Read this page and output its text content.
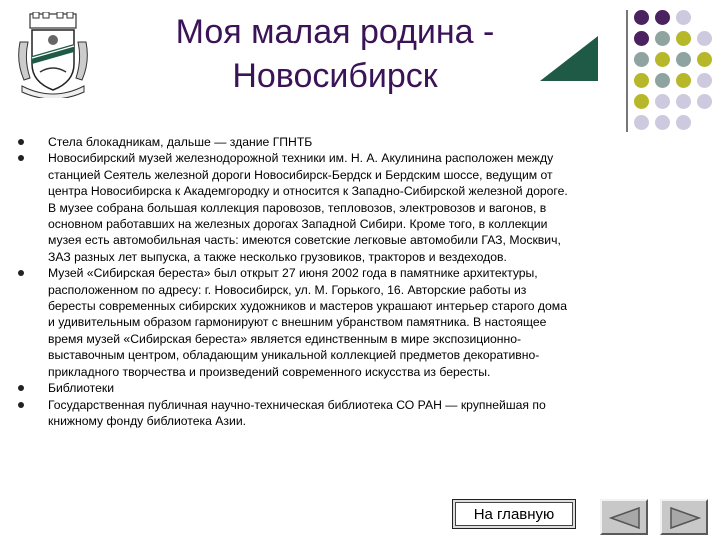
Моя малая родина -
Новосибирск
Стела блокадникам, дальше — здание ГПНТБ
Новосибирский музей железнодорожной техники им. Н. А. Акулинина расположен между
станцией Сеятель железной дороги Новосибирск-Бердск и Бердским шоссе, ведущим от
центра Новосибирска к Академгородку и относится к Западно-Сибирской железной дороге.
В музее собрана большая коллекция паровозов, тепловозов, электровозов и вагонов, в
основном работавших на железных дорогах Западной Сибири. Кроме того, в коллекции
музея есть автомобильная часть: имеются советские легковые автомобили ГАЗ, Москвич,
ЗАЗ разных лет выпуска, а также несколько грузовиков, тракторов и вездеходов.
Музей «Сибирская береста» был открыт 27 июня 2002 года в памятнике архитектуры,
расположенном по адресу: г. Новосибирск, ул. М. Горького, 16. Авторские работы из
бересты современных сибирских художников и мастеров украшают интерьер старого дома
и удивительным образом гармонируют с внешним убранством памятника. В настоящее
время музей «Сибирская береста» является единственным в мире экспозиционно-
выставочным центром, обладающим уникальной коллекцией предметов декоративно-
прикладного творчества и произведений современного искусства из бересты.
Библиотеки
Государственная публичная научно-техническая библиотека СО РАН — крупнейшая по
книжному фонду библиотека Азии.
На главную
